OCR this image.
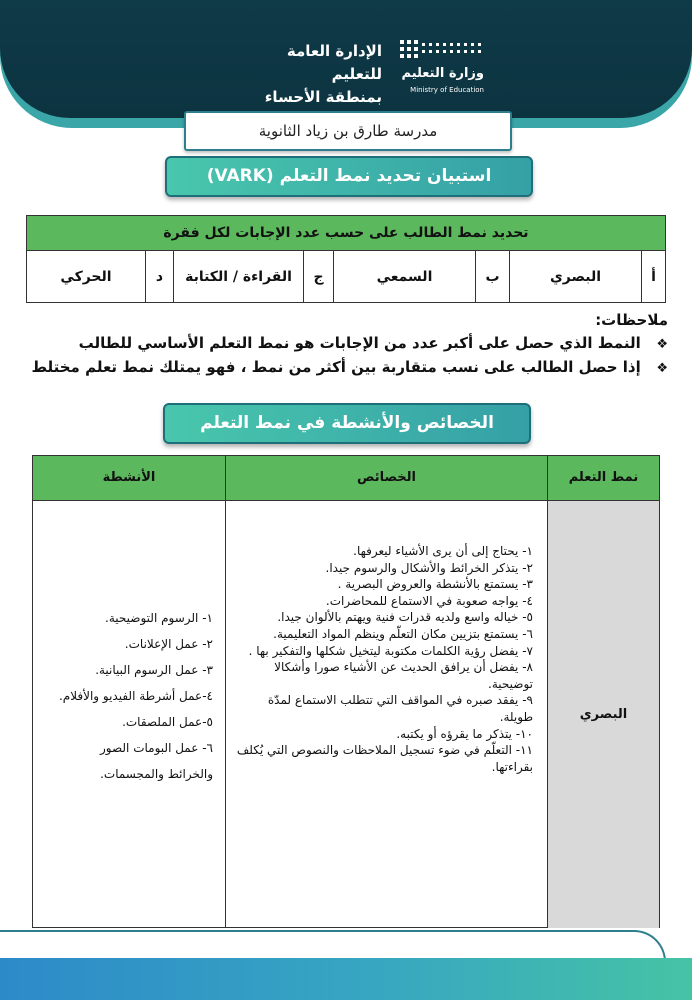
وزارة التعليم
Ministry of Education
الإدارة العامة للتعليم
بمنطقة الأحساء
مدرسة طارق بن زياد الثانوية
استبيان تحديد نمط التعلم (VARK)
تحديد نمط الطالب على حسب عدد الإجابات لكل فقرة
أ
البصري
ب
السمعي
ج
القراءة / الكتابة
د
الحركي
ملاحظات:
❖ النمط الذي حصل على أكبر عدد من الإجابات هو نمط التعلم الأساسي للطالب
❖ إذا حصل الطالب على نسب متقاربة بين أكثر من نمط ، فهو يمتلك نمط تعلم مختلط
الخصائص والأنشطة في نمط التعلم
نمط التعلم
الخصائص
الأنشطة
البصري
١- يحتاج إلى أن يرى الأشياء ليعرفها.
٢- يتذكر الخرائط والأشكال والرسوم جيدا.
٣- يستمتع بالأنشطة والعروض البصرية .
٤- يواجه صعوبة في الاستماع للمحاضرات.
٥- خياله واسع ولديه قدرات فنية ويهتم بالألوان جيدا.
٦- يستمتع بتزيين مكان التعلّم وينظم المواد التعليمية.
٧- يفضل رؤية الكلمات مكتوبة ليتخيل شكلها والتفكير بها .
٨- يفضل أن يرافق الحديث عن الأشياء صورا وأشكالا توضيحية.
٩- يفقد صبره في المواقف التي تتطلب الاستماع لمدّة طويلة.
١٠- يتذكر ما يقرؤه أو يكتبه.
١١- التعلّم في ضوء تسجيل الملاحظات والنصوص التي يُكلف بقراءتها.
١- الرسوم التوضيحية.
٢- عمل الإعلانات.
٣- عمل الرسوم البيانية.
٤-عمل أشرطة الفيديو والأفلام.
٥-عمل الملصقات.
٦- عمل البومات الصور
والخرائط والمجسمات.
